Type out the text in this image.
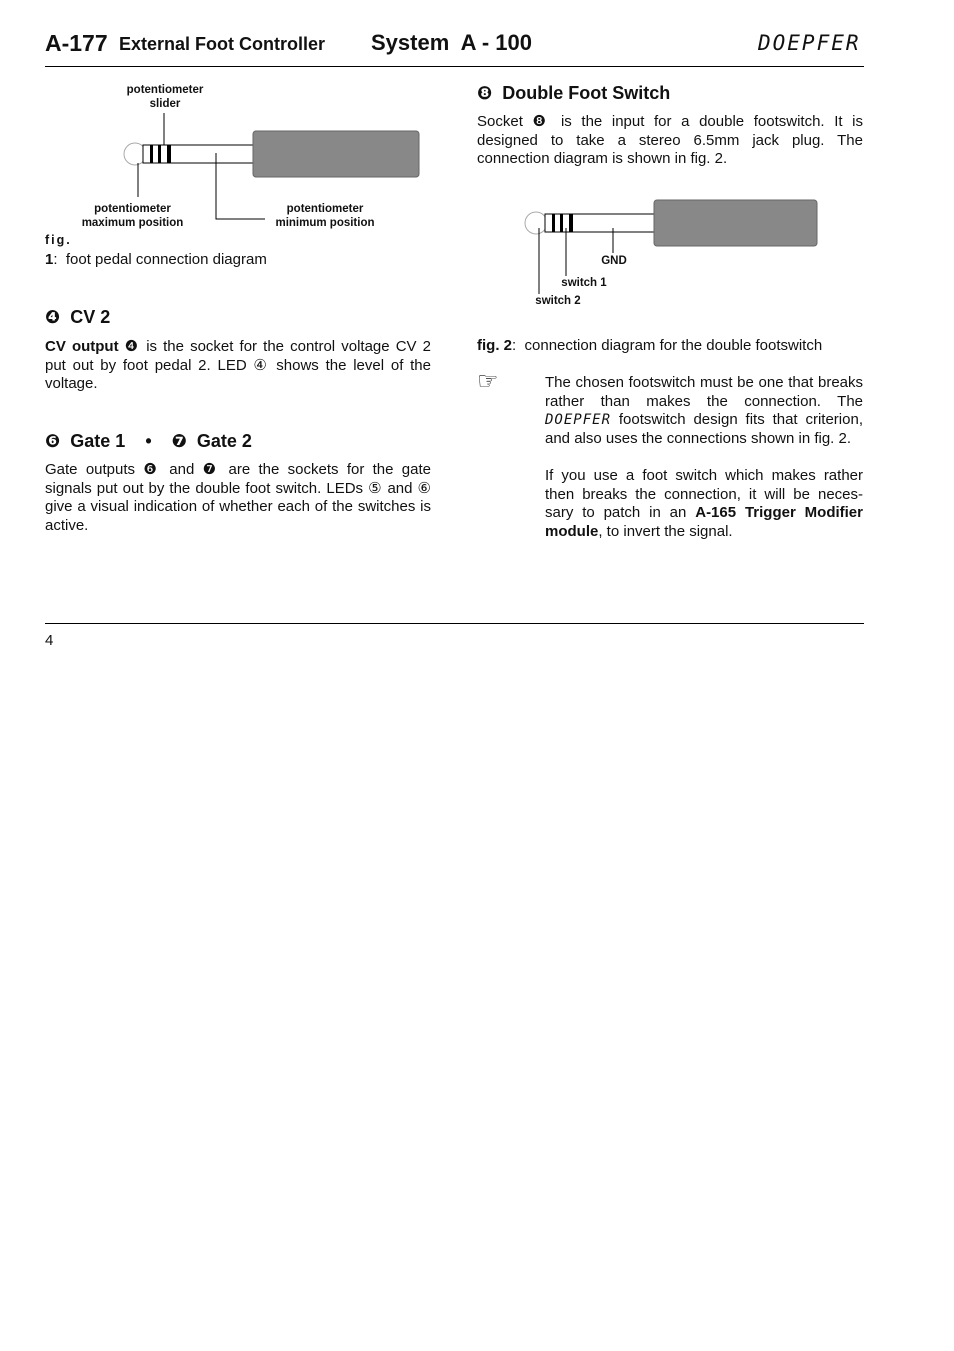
A-177 External Foot Controller System  A - 100	DOEPFER
potentiometer slider
potentiometer maximum position
potentiometer minimum position
fig.
1:  foot pedal connection diagram
❹ CV 2
CV output ❹ is the socket for the control voltage CV 2 put out by foot pedal 2. LED ④ shows the level of the voltage.
❻ Gate 1 • ❼ Gate 2
Gate outputs ❻ and ❼ are the sockets for the gate signals put out by the double foot switch. LEDs ⑤ and ⑥ give a visual indication of whether each of the switches is active.
❽ Double Foot Switch
Socket ❽ is the input for a double footswitch. It is designed to take a stereo 6.5mm jack plug. The connection diagram is shown in fig. 2.
GND
switch 1
switch 2
fig. 2:  connection diagram for the double footswitch
☞	The chosen footswitch must be one that breaks rather than makes the connection. The DOEPFER footswitch design fits that criterion, and also uses the connections shown in fig. 2.
If you use a foot switch which makes rather then breaks the connection, it will be neces-sary to patch in an A-165 Trigger Modifier module, to invert the signal.
4
